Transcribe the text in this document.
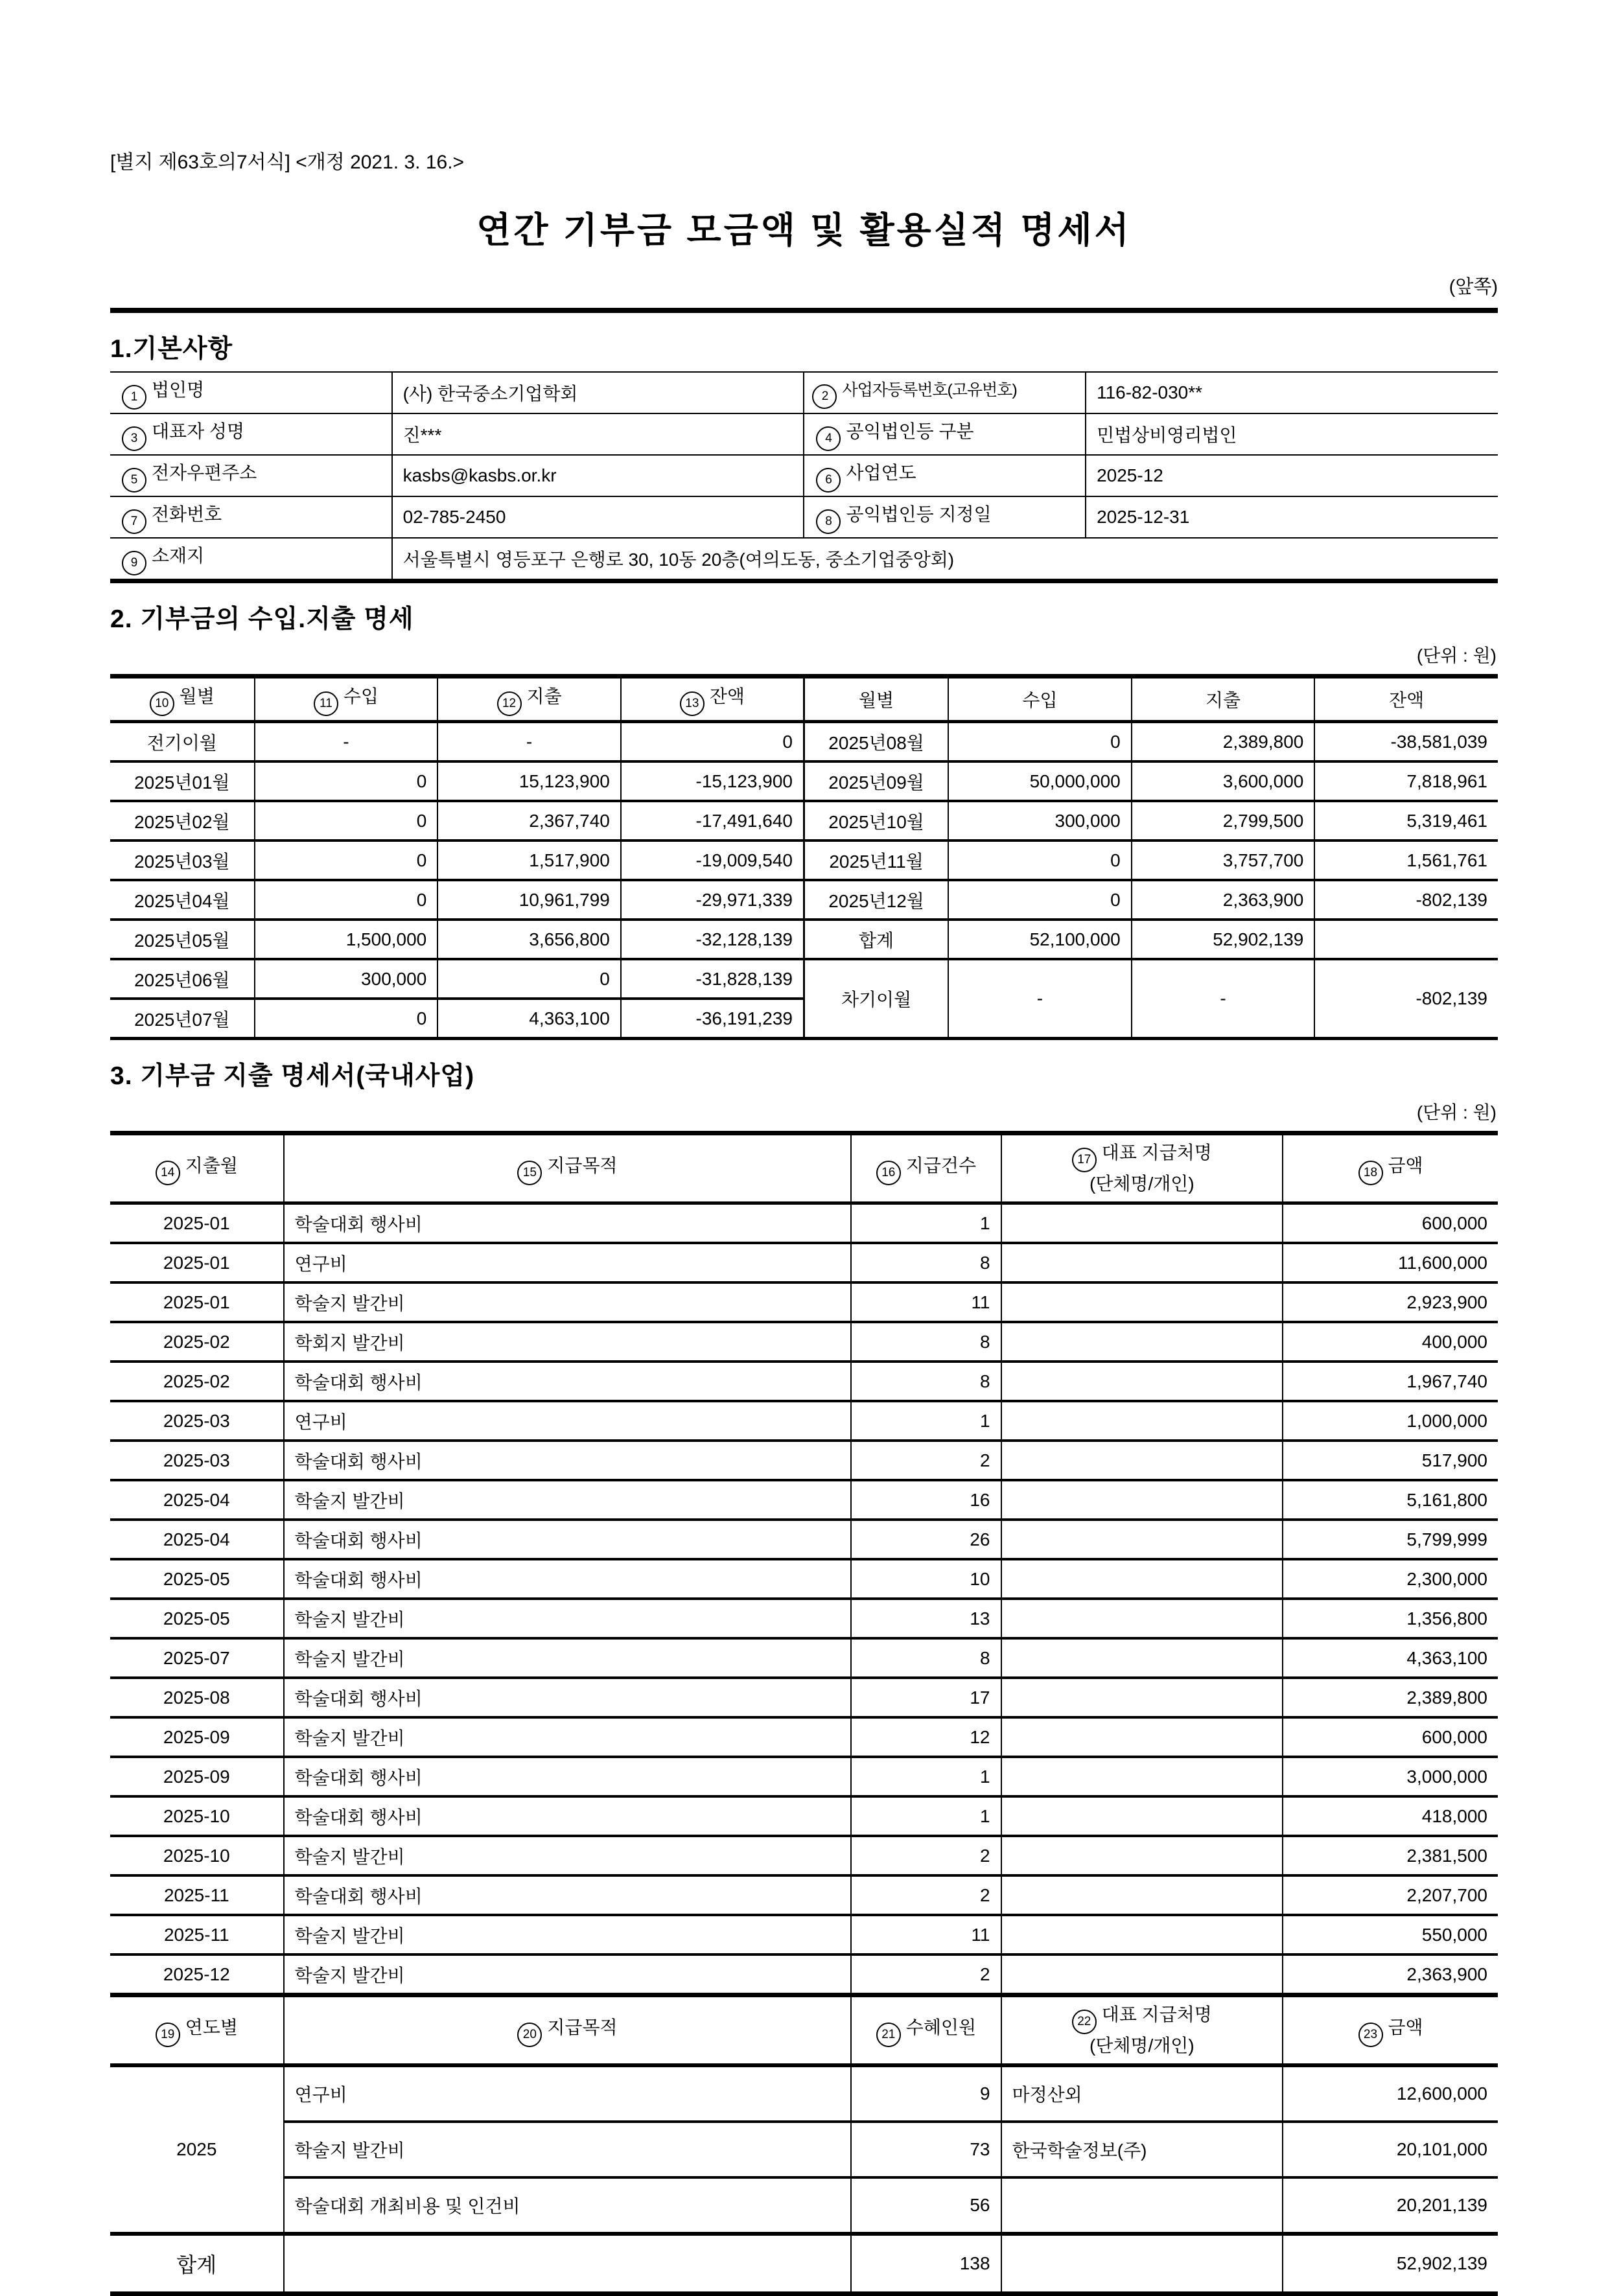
[별지 제63호의7서식] <개정 2021. 3. 16.>
연간 기부금 모금액 및 활용실적 명세서
(앞쪽)
1.기본사항
1 법인명	(사) 한국중소기업학회	2 사업자등록번호(고유번호)	116-82-030**
3 대표자 성명	진***	4 공익법인등 구분	민법상비영리법인
5 전자우편주소	kasbs@kasbs.or.kr	6 사업연도	2025-12
7 전화번호	02-785-2450	8 공익법인등 지정일	2025-12-31
9 소재지	서울특별시 영등포구 은행로 30, 10동 20층(여의도동, 중소기업중앙회)		
2. 기부금의 수입.지출 명세
(단위 : 원)
10 월별	11 수입	12 지출	13 잔액	월별	수입	지출	잔액
전기이월	-	-	0	2025년08월	0	2,389,800	-38,581,039
2025년01월	0	15,123,900	-15,123,900	2025년09월	50,000,000	3,600,000	7,818,961
2025년02월	0	2,367,740	-17,491,640	2025년10월	300,000	2,799,500	5,319,461
2025년03월	0	1,517,900	-19,009,540	2025년11월	0	3,757,700	1,561,761
2025년04월	0	10,961,799	-29,971,339	2025년12월	0	2,363,900	-802,139
2025년05월	1,500,000	3,656,800	-32,128,139	합계	52,100,000	52,902,139	
2025년06월	300,000	0	-31,828,139	차기이월	-	-	-802,139
2025년07월	0	4,363,100	-36,191,239				
3. 기부금 지출 명세서(국내사업)
(단위 : 원)
14 지출월	15 지급목적	16 지급건수	17 대표 지급처명
(단체명/개인)	18 금액
2025-01	학술대회 행사비	1		600,000
2025-01	연구비	8		11,600,000
2025-01	학술지 발간비	11		2,923,900
2025-02	학회지 발간비	8		400,000
2025-02	학술대회 행사비	8		1,967,740
2025-03	연구비	1		1,000,000
2025-03	학술대회 행사비	2		517,900
2025-04	학술지 발간비	16		5,161,800
2025-04	학술대회 행사비	26		5,799,999
2025-05	학술대회 행사비	10		2,300,000
2025-05	학술지 발간비	13		1,356,800
2025-07	학술지 발간비	8		4,363,100
2025-08	학술대회 행사비	17		2,389,800
2025-09	학술지 발간비	12		600,000
2025-09	학술대회 행사비	1		3,000,000
2025-10	학술대회 행사비	1		418,000
2025-10	학술지 발간비	2		2,381,500
2025-11	학술대회 행사비	2		2,207,700
2025-11	학술지 발간비	11		550,000
2025-12	학술지 발간비	2		2,363,900
19 연도별	20 지급목적	21 수혜인원	22 대표 지급처명
(단체명/개인)	23 금액
2025	연구비	9	마정산외	12,600,000
	학술지 발간비	73	한국학술정보(주)	20,101,000
	학술대회 개최비용 및 인건비	56		20,201,139
합계		138		52,902,139
